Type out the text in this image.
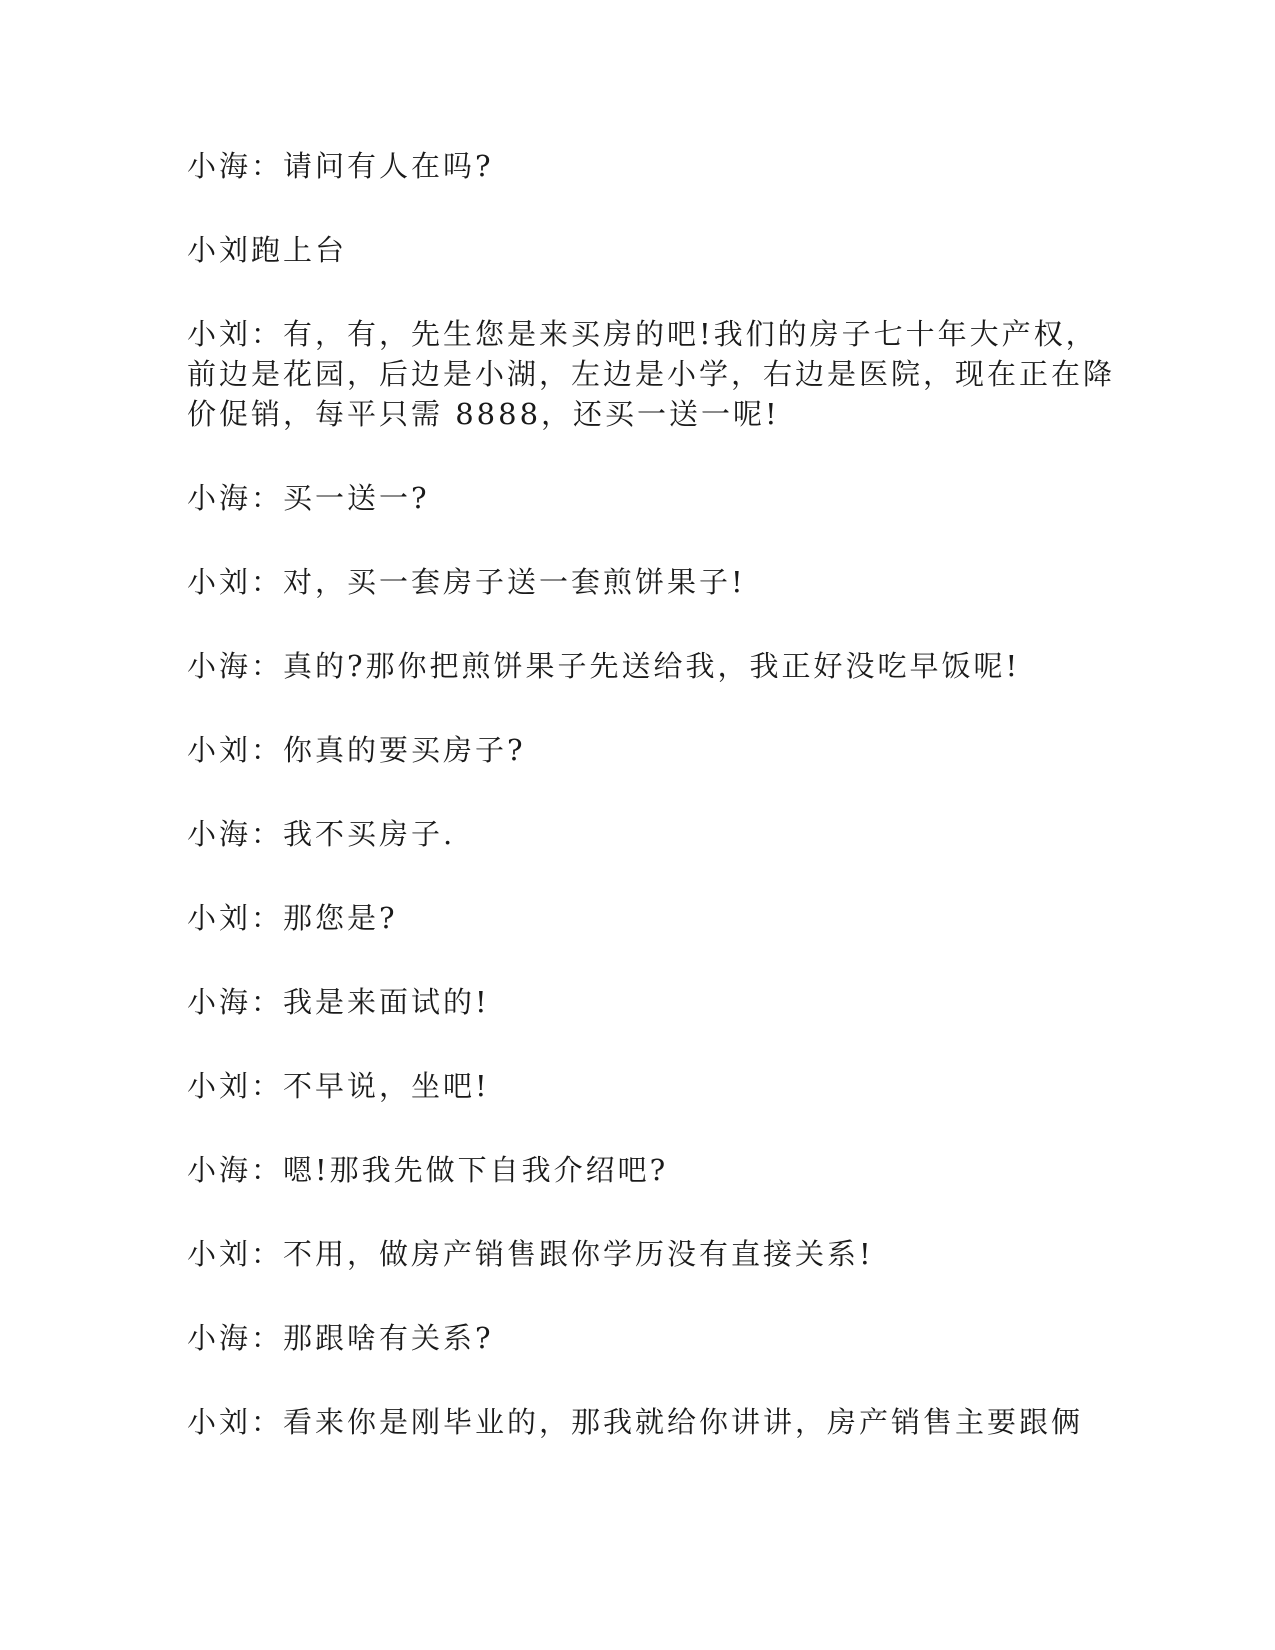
小海：请问有人在吗?

小刘跑上台

小刘：有，有，先生您是来买房的吧!我们的房子七十年大产权，前边是花园，后边是小湖，左边是小学，右边是医院，现在正在降价促销，每平只需 8888，还买一送一呢!

小海：买一送一?

小刘：对，买一套房子送一套煎饼果子!

小海：真的?那你把煎饼果子先送给我，我正好没吃早饭呢!

小刘：你真的要买房子?

小海：我不买房子.

小刘：那您是?

小海：我是来面试的!

小刘：不早说，坐吧!

小海：嗯!那我先做下自我介绍吧?

小刘：不用，做房产销售跟你学历没有直接关系!

小海：那跟啥有关系?

小刘：看来你是刚毕业的，那我就给你讲讲，房产销售主要跟俩
